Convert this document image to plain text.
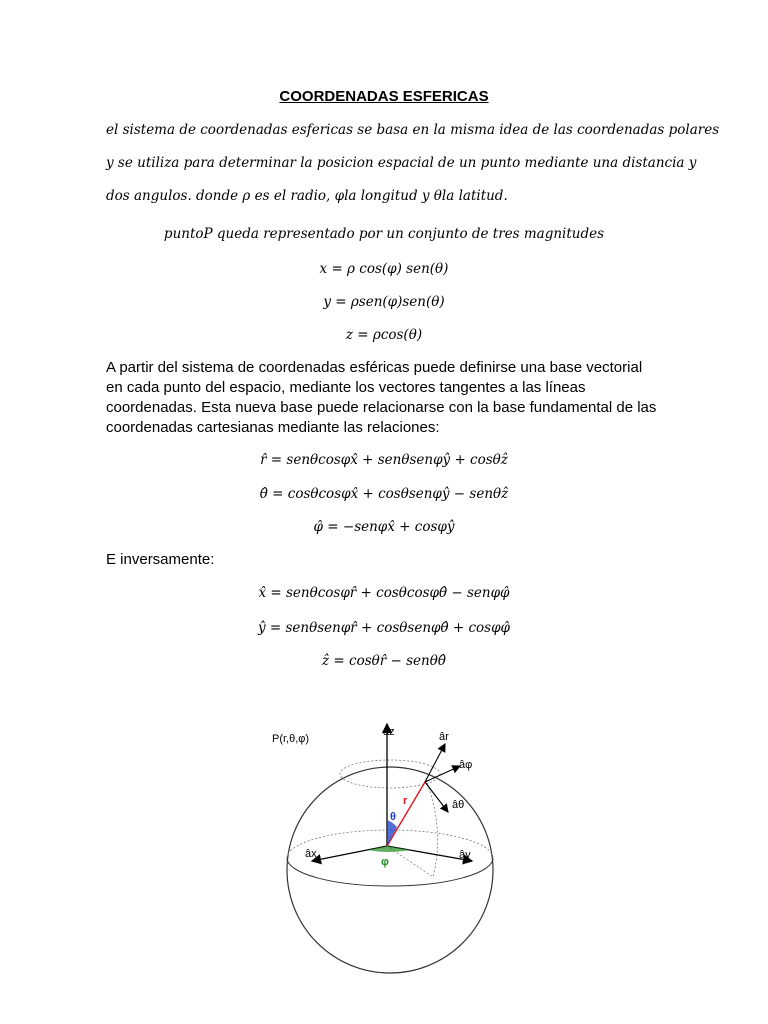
COORDENADAS ESFERICAS
el sistema de coordenadas esfericas se basa en la misma idea de las coordenadas polares
y se utiliza para determinar la posicion espacial de un punto mediante una distancia y
dos angulos. donde ρ es el radio, φla longitud y θla latitud.
puntoP queda representado por un conjunto de tres magnitudes
x = ρ cos(φ) sen(θ)
y = ρsen(φ)sen(θ)
z = ρcos(θ)
A partir del sistema de coordenadas esféricas puede definirse una base vectorial
en cada punto del espacio, mediante los vectores tangentes a las líneas
coordenadas. Esta nueva base puede relacionarse con la base fundamental de las
coordenadas cartesianas mediante las relaciones:
r̂ = senθcosφx̂ + senθsenφŷ + cosθẑ
θ̂ = cosθcosφx̂ + cosθsenφŷ − senθẑ
φ̂ = −senφx̂ + cosφŷ
E inversamente:
x̂ = senθcosφr̂ + cosθcosφθ̂ − senφφ̂
ŷ = senθsenφr̂ + cosθsenφθ̂ + cosφφ̂
ẑ = cosθr̂ − senθθ̂
P(r,θ,φ)
âz	âr
âφ
âθ
âx	ây
r
θ
φ
